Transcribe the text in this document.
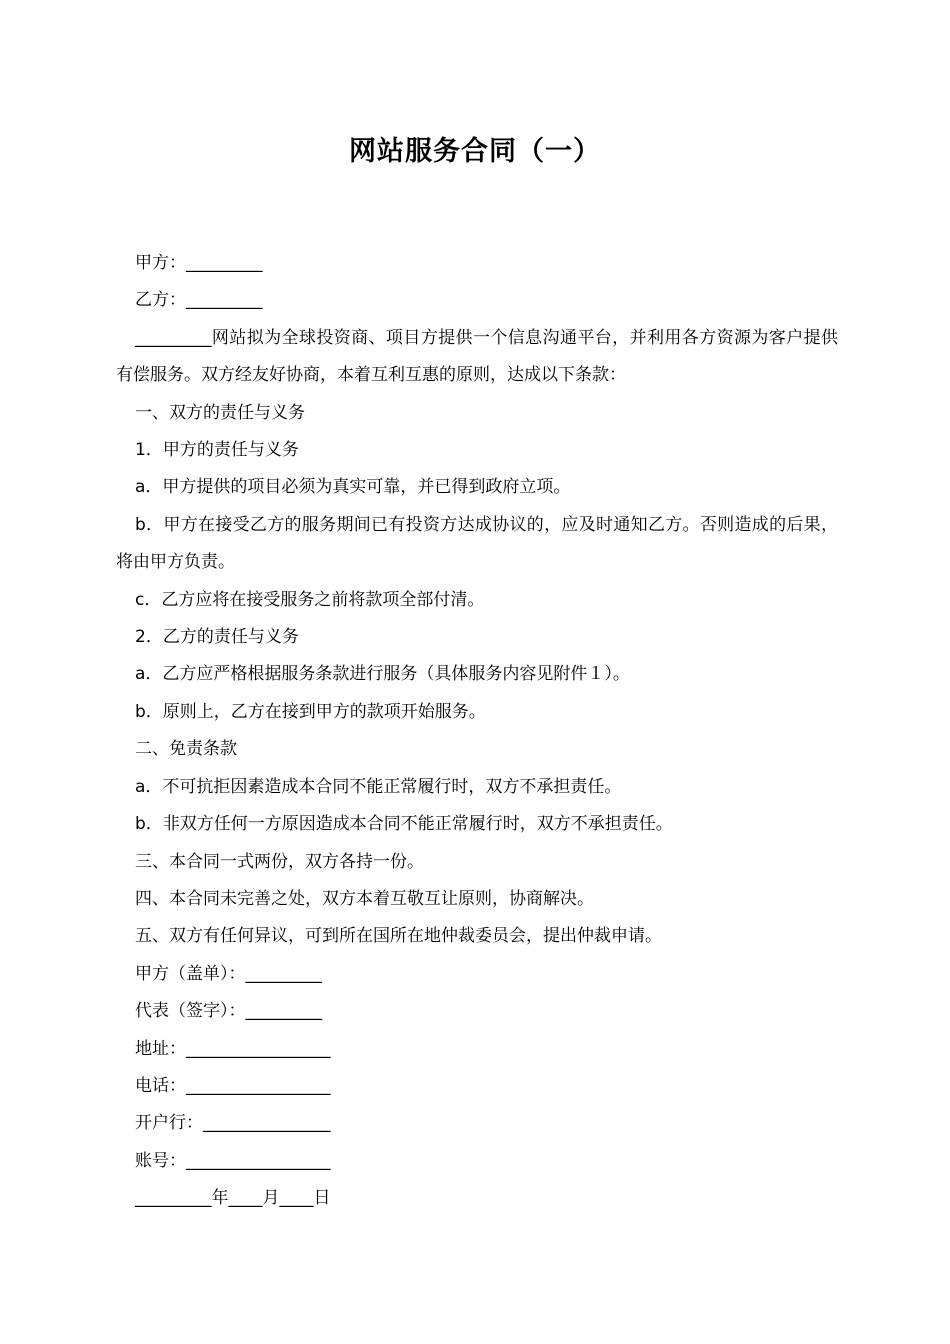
网站服务合同（一）

甲方：_________

乙方：_________

_________网站拟为全球投资商、项目方提供一个信息沟通平台，并利用各方资源为客户提供有偿服务。双方经友好协商，本着互利互惠的原则，达成以下条款：

一、双方的责任与义务

1．甲方的责任与义务

a．甲方提供的项目必须为真实可靠，并已得到政府立项。

b．甲方在接受乙方的服务期间已有投资方达成协议的，应及时通知乙方。否则造成的后果，将由甲方负责。

c．乙方应将在接受服务之前将款项全部付清。

2．乙方的责任与义务

a．乙方应严格根据服务条款进行服务（具体服务内容见附件１）。

b．原则上，乙方在接到甲方的款项开始服务。

二、免责条款

a．不可抗拒因素造成本合同不能正常履行时，双方不承担责任。

b．非双方任何一方原因造成本合同不能正常履行时，双方不承担责任。

三、本合同一式两份，双方各持一份。

四、本合同未完善之处，双方本着互敬互让原则，协商解决。

五、双方有任何异议，可到所在国所在地仲裁委员会，提出仲裁申请。

甲方（盖单）：_________

代表（签字）：_________

地址：_________________

电话：_________________

开户行：_______________

账号：_________________

_________年____月____日
